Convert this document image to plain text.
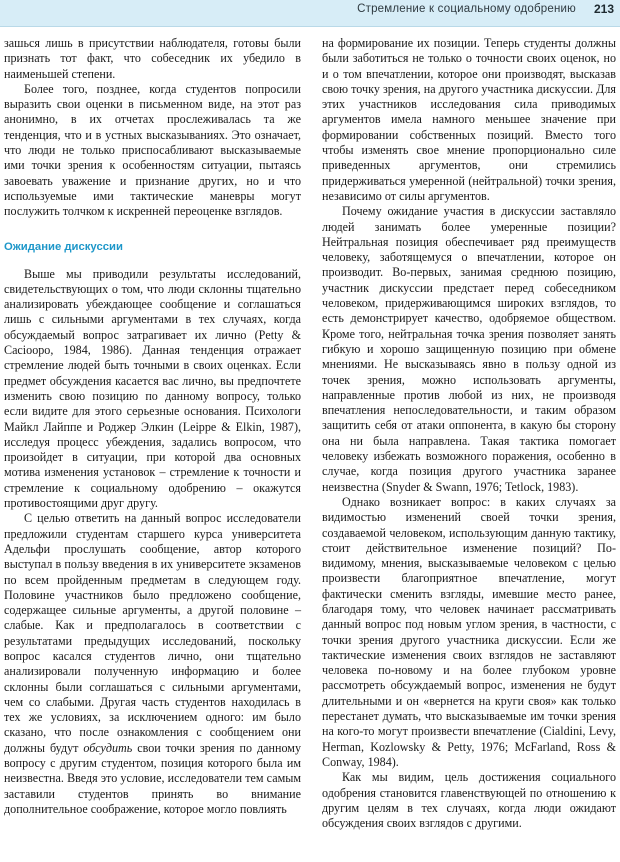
Стремление к социальному одобрению 213

зашься лишь в присутствии наблюдателя, готовы были признать тот факт, что собеседник их убедило в наименьшей степени.

Более того, позднее, когда студентов попросили выразить свои оценки в письменном виде, на этот раз анонимно, в их отчетах прослеживалась та же тенденция, что и в устных высказываниях. Это означает, что люди не только приспосабливают высказываемые ими точки зрения к особенностям ситуации, пытаясь завоевать уважение и признание других, но и что используемые ими тактические маневры могут послужить толчком к искренней переоценке взглядов.

Ожидание дискуссии

Выше мы приводили результаты исследований, свидетельствующих о том, что люди склонны тщательно анализировать убеждающее сообщение и соглашаться лишь с сильными аргументами в тех случаях, когда обсуждаемый вопрос затрагивает их лично (Petty & Cacioopo, 1984, 1986). Данная тенденция отражает стремление людей быть точными в своих оценках. Если предмет обсуждения касается вас лично, вы предпочтете изменить свою позицию по данному вопросу, только если видите для этого серьезные основания. Психологи Майкл Лайппе и Роджер Элкин (Leippe & Elkin, 1987), исследуя процесс убеждения, задались вопросом, что произойдет в ситуации, при которой два основных мотива изменения установок – стремление к точности и стремление к социальному одобрению – окажутся противостоящими друг другу.

С целью ответить на данный вопрос исследователи предложили студентам старшего курса университета Адельфи прослушать сообщение, автор которого выступал в пользу введения в их университете экзаменов по всем пройденным предметам в следующем году. Половине участников было предложено сообщение, содержащее сильные аргументы, а другой половине – слабые. Как и предполагалось в соответствии с результатами предыдущих исследований, поскольку вопрос касался студентов лично, они тщательно анализировали полученную информацию и более склонны были соглашаться с сильными аргументами, чем со слабыми. Другая часть студентов находилась в тех же условиях, за исключением одного: им было сказано, что после ознакомления с сообщением они должны будут обсудить свои точки зрения по данному вопросу с другим студентом, позиция которого была им неизвестна. Введя это условие, исследователи тем самым заставили студентов принять во внимание дополнительное соображение, которое могло повлиять

на формирование их позиции. Теперь студенты должны были заботиться не только о точности своих оценок, но и о том впечатлении, которое они производят, высказав свою точку зрения, на другого участника дискуссии. Для этих участников исследования сила приводимых аргументов имела намного меньшее значение при формировании собственных позиций. Вместо того чтобы изменять свое мнение пропорционально силе приведенных аргументов, они стремились придерживаться умеренной (нейтральной) точки зрения, независимо от силы аргументов.

Почему ожидание участия в дискуссии заставляло людей занимать более умеренные позиции? Нейтральная позиция обеспечивает ряд преимуществ человеку, заботящемуся о впечатлении, которое он производит. Во-первых, занимая среднюю позицию, участник дискуссии предстает перед собеседником человеком, придерживающимся широких взглядов, то есть демонстрирует качество, одобряемое обществом. Кроме того, нейтральная точка зрения позволяет занять гибкую и хорошо защищенную позицию при обмене мнениями. Не высказываясь явно в пользу одной из точек зрения, можно использовать аргументы, направленные против любой из них, не производя впечатления непоследовательности, и таким образом защитить себя от атаки оппонента, в какую бы сторону она ни была направлена. Такая тактика помогает человеку избежать возможного поражения, особенно в случае, когда позиция другого участника заранее неизвестна (Snyder & Swann, 1976; Tetlock, 1983).

Однако возникает вопрос: в каких случаях за видимостью изменений своей точки зрения, создаваемой человеком, использующим данную тактику, стоит действительное изменение позиций? По-видимому, мнения, высказываемые человеком с целью произвести благоприятное впечатление, могут фактически сменить взгляды, имевшие место ранее, благодаря тому, что человек начинает рассматривать данный вопрос под новым углом зрения, в частности, с точки зрения другого участника дискуссии. Если же тактические изменения своих взглядов не заставляют человека по-новому и на более глубоком уровне рассмотреть обсуждаемый вопрос, изменения не будут длительными и он «вернется на круги своя» как только перестанет думать, что высказываемые им точки зрения на кого-то могут произвести впечатление (Cialdini, Levy, Herman, Kozlowsky & Petty, 1976; McFarland, Ross & Conway, 1984).

Как мы видим, цель достижения социального одобрения становится главенствующей по отношению к другим целям в тех случаях, когда люди ожидают обсуждения своих взглядов с другими.
